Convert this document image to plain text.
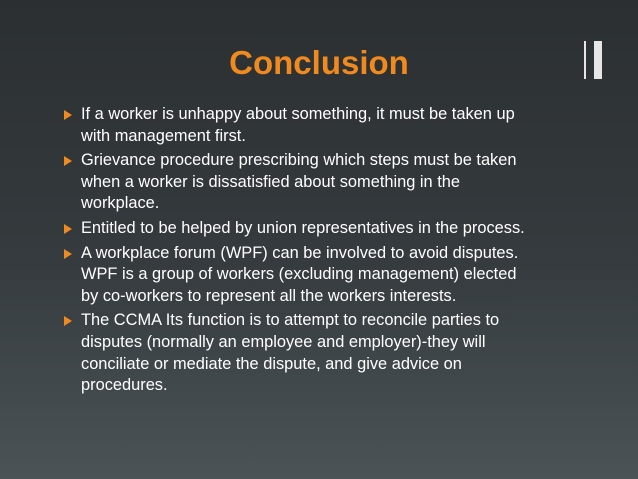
Conclusion
If a worker is unhappy about something, it must be taken up
with management first.
Grievance procedure prescribing which steps must be taken
when a worker is dissatisfied about something in the
workplace.
Entitled to be helped by union representatives in the process.
A workplace forum (WPF) can be involved to avoid disputes.
WPF is a group of workers (excluding management) elected
by co-workers to represent all the workers interests.
The CCMA Its function is to attempt to reconcile parties to
disputes (normally an employee and employer)-they will
conciliate or mediate the dispute, and give advice on
procedures.
